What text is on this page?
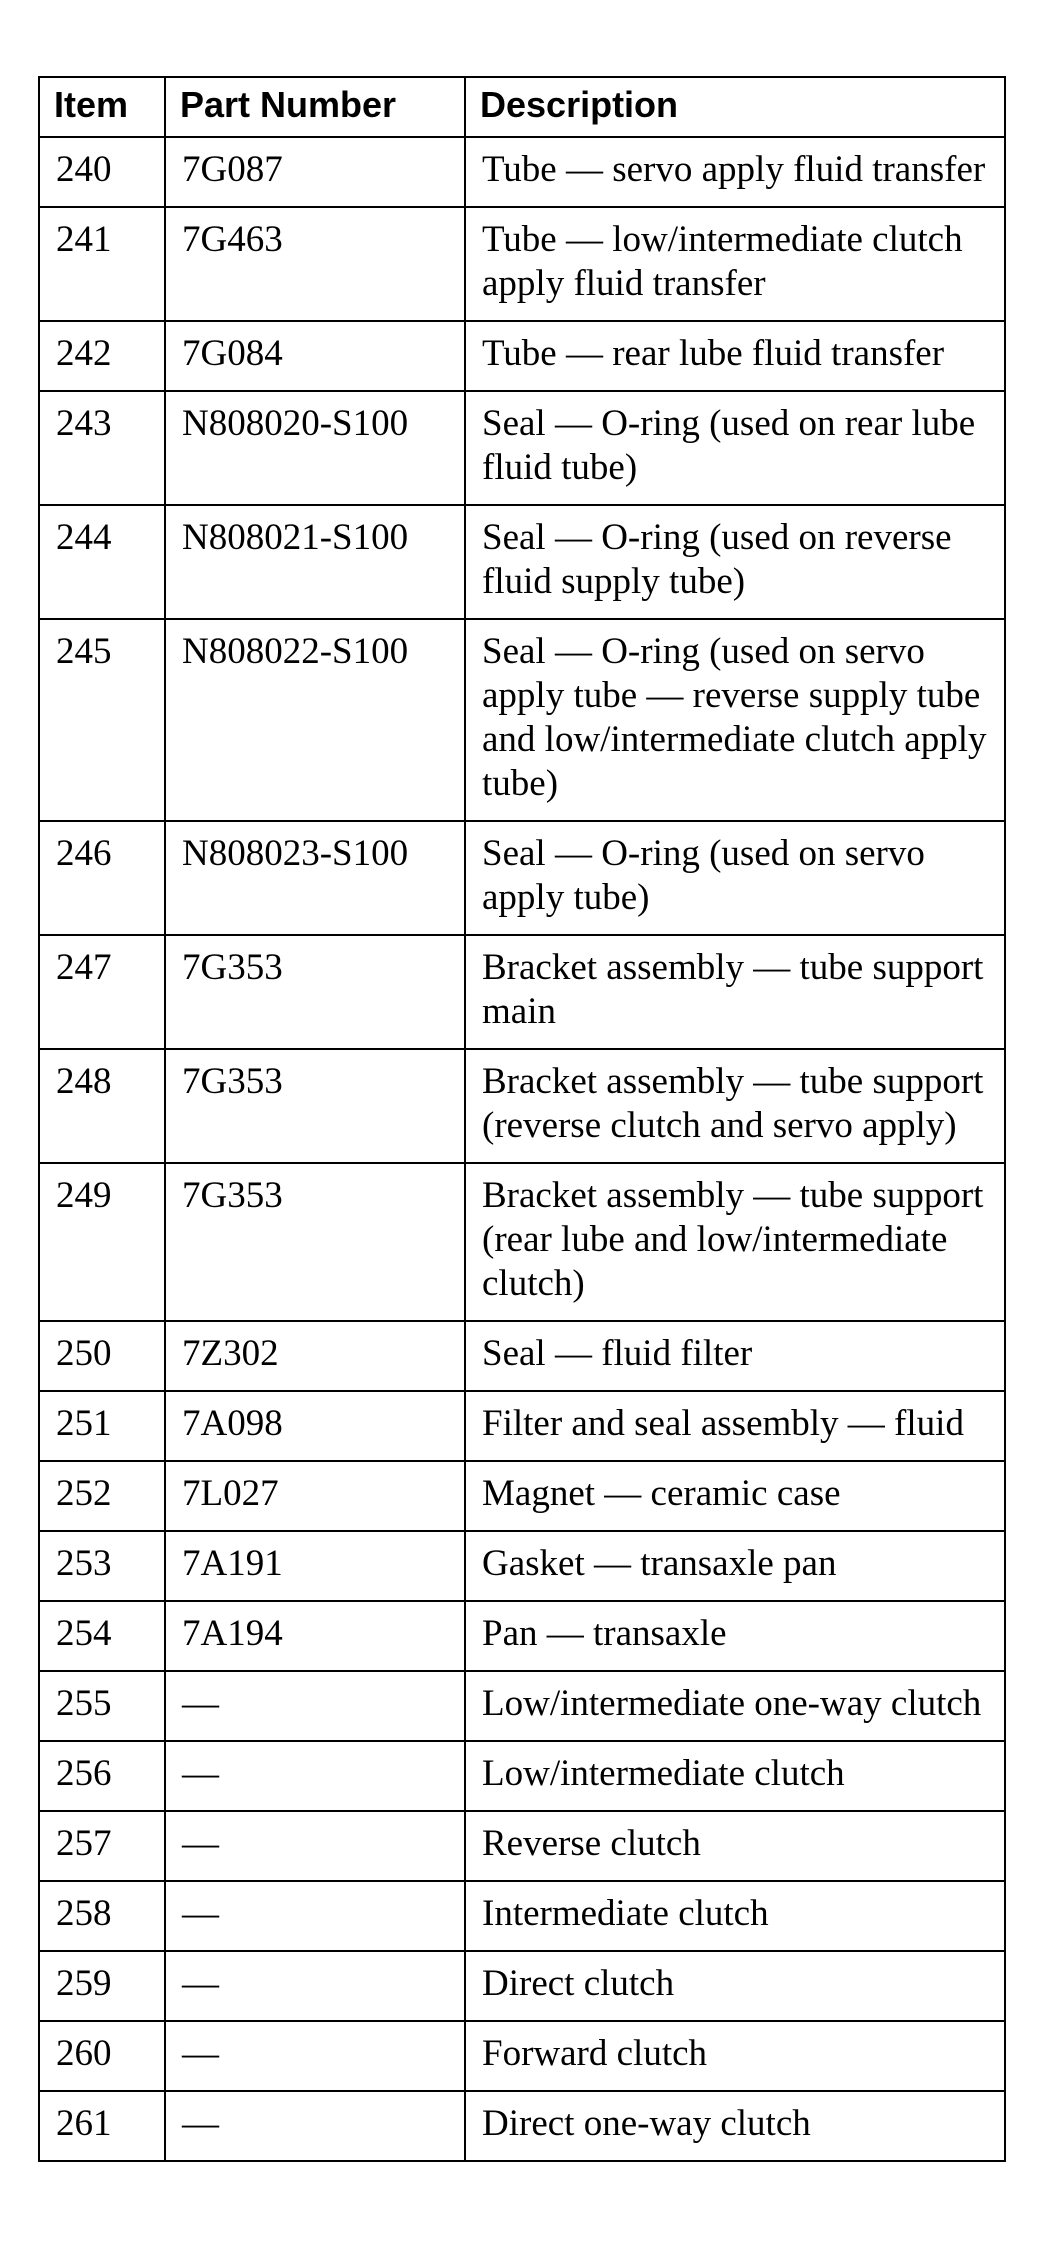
Item	Part Number	Description
240	7G087	Tube — servo apply fluid transfer
241	7G463	Tube — low/intermediate clutch apply fluid transfer
242	7G084	Tube — rear lube fluid transfer
243	N808020-S100	Seal — O-ring (used on rear lube fluid tube)
244	N808021-S100	Seal — O-ring (used on reverse fluid supply tube)
245	N808022-S100	Seal — O-ring (used on servo apply tube — reverse supply tube and low/intermediate clutch apply tube)
246	N808023-S100	Seal — O-ring (used on servo apply tube)
247	7G353	Bracket assembly — tube support main
248	7G353	Bracket assembly — tube support (reverse clutch and servo apply)
249	7G353	Bracket assembly — tube support (rear lube and low/intermediate clutch)
250	7Z302	Seal — fluid filter
251	7A098	Filter and seal assembly — fluid
252	7L027	Magnet — ceramic case
253	7A191	Gasket — transaxle pan
254	7A194	Pan — transaxle
255	—	Low/intermediate one-way clutch
256	—	Low/intermediate clutch
257	—	Reverse clutch
258	—	Intermediate clutch
259	—	Direct clutch
260	—	Forward clutch
261	—	Direct one-way clutch
